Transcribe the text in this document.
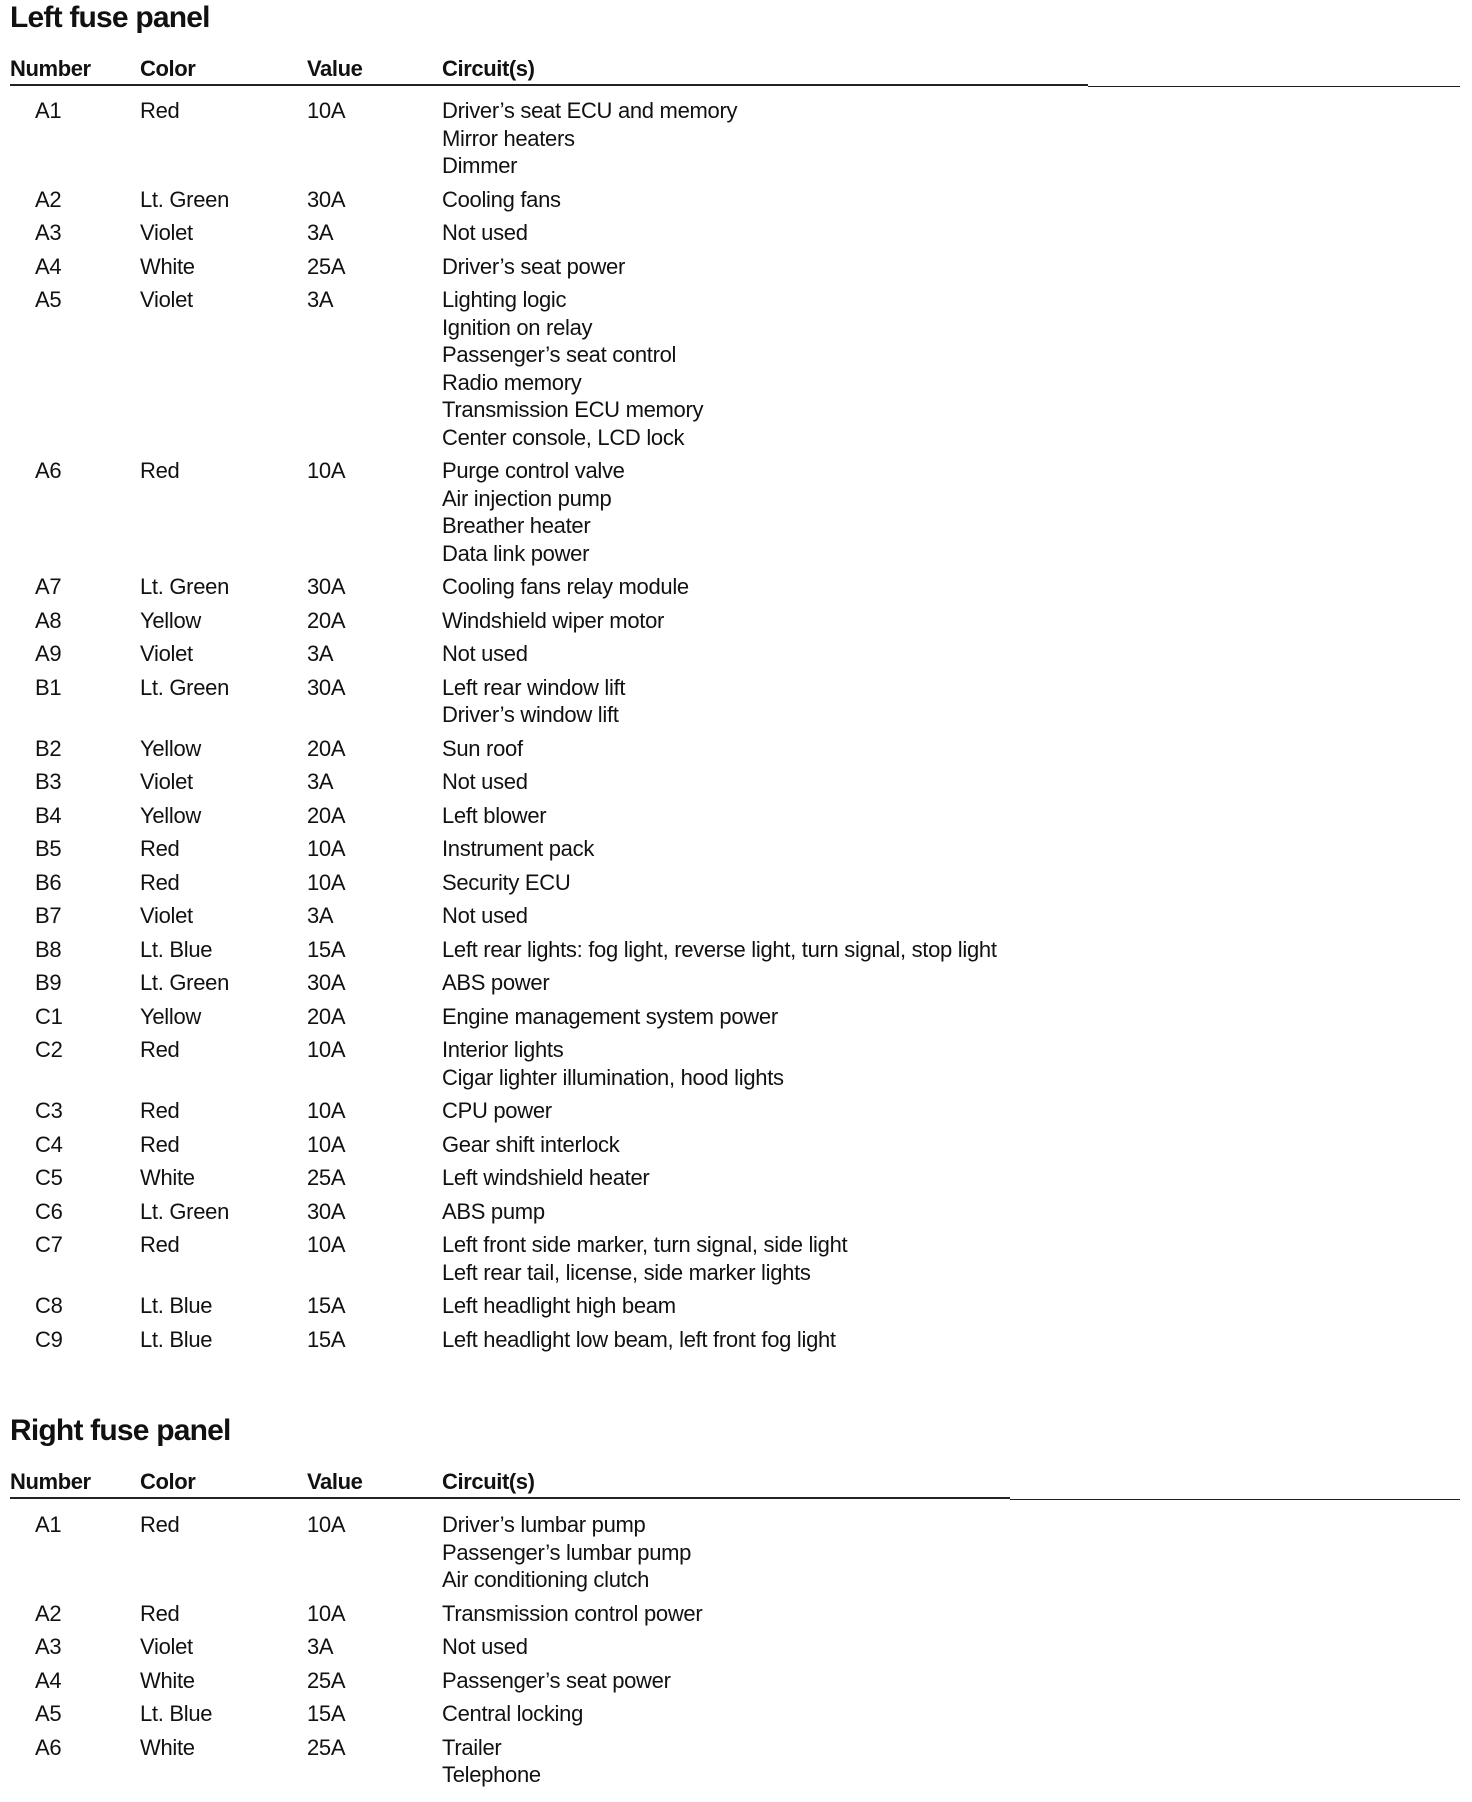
Left fuse panel
Number Color	Value	Circuit(s)
A1	Red	10A	Driver’s seat ECU and memory
Mirror heaters
Dimmer
A2	Lt. Green	30A	Cooling fans
A3	Violet	3A	Not used
A4	White	25A	Driver’s seat power
A5	Violet	3A	Lighting logic
Ignition on relay
Passenger’s seat control
Radio memory
Transmission ECU memory
Center console, LCD lock
A6	Red	10A	Purge control valve
Air injection pump
Breather heater
Data link power
A7	Lt. Green	30A	Cooling fans relay module
A8	Yellow	20A	Windshield wiper motor
A9	Violet	3A	Not used
B1	Lt. Green	30A	Left rear window lift
Driver’s window lift
B2	Yellow	20A	Sun roof
B3	Violet	3A	Not used
B4	Yellow	20A	Left blower
B5	Red	10A	Instrument pack
B6	Red	10A	Security ECU
B7	Violet	3A	Not used
B8	Lt. Blue	15A	Left rear lights: fog light, reverse light, turn signal, stop light
B9	Lt. Green	30A	ABS power
C1	Yellow	20A	Engine management system power
C2	Red	10A	Interior lights
Cigar lighter illumination, hood lights
C3	Red	10A	CPU power
C4	Red	10A	Gear shift interlock
C5	White	25A	Left windshield heater
C6	Lt. Green	30A	ABS pump
C7	Red	10A	Left front side marker, turn signal, side light
Left rear tail, license, side marker lights
C8	Lt. Blue	15A	Left headlight high beam
C9	Lt. Blue	15A	Left headlight low beam, left front fog light
Right fuse panel
Number Color	Value	Circuit(s)
A1	Red	10A	Driver’s lumbar pump
Passenger’s lumbar pump
Air conditioning clutch
A2	Red	10A	Transmission control power
A3	Violet	3A	Not used
A4	White	25A	Passenger’s seat power
A5	Lt. Blue	15A	Central locking
A6	White	25A	Trailer
Telephone
